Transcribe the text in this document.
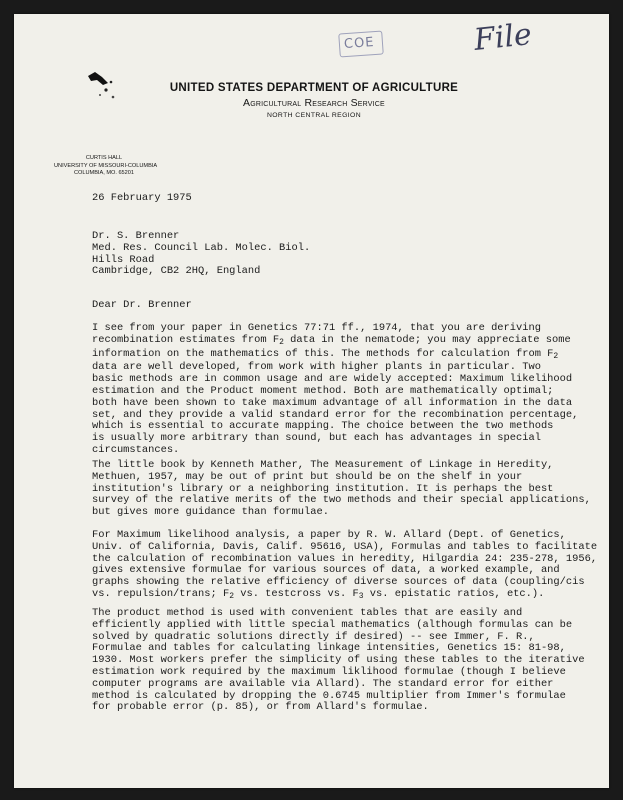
COE	File
UNITED STATES DEPARTMENT OF AGRICULTURE
Agricultural Research Service
NORTH CENTRAL REGION
CURTIS HALL
UNIVERSITY OF MISSOURI-COLUMBIA
COLUMBIA, MO. 65201
26 February 1975
Dr. S. Brenner
Med. Res. Council Lab. Molec. Biol.
Hills Road
Cambridge, CB2 2HQ, England
Dear Dr. Brenner
I see from your paper in Genetics 77:71 ff., 1974, that you are deriving
recombination estimates from $F_2$ data in the nematode; you may appreciate some
information on the mathematics of this. The methods for calculation from $F_2$
data are well developed, from work with higher plants in particular. Two
basic methods are in common usage and are widely accepted: Maximum likelihood
estimation and the Product moment method. Both are mathematically optimal;
both have been shown to take maximum advantage of all information in the data
set, and they provide a valid standard error for the recombination percentage,
which is essential to accurate mapping. The choice between the two methods
is usually more arbitrary than sound, but each has advantages in special
circumstances.
The little book by Kenneth Mather, The Measurement of Linkage in Heredity,
Methuen, 1957, may be out of print but should be on the shelf in your
institution's library or a neighboring institution. It is perhaps the best
survey of the relative merits of the two methods and their special applications,
but gives more guidance than formulae.
For Maximum likelihood analysis, a paper by R. W. Allard (Dept. of Genetics,
Univ. of California, Davis, Calif. 95616, USA), Formulas and tables to facilitate
the calculation of recombination values in heredity, Hilgardia 24: 235-278, 1956,
gives extensive formulae for various sources of data, a worked example, and
graphs showing the relative efficiency of diverse sources of data (coupling/cis
vs. repulsion/trans; $F_2$ vs. testcross vs. $F_3$ vs. epistatic ratios, etc.).
The product method is used with convenient tables that are easily and
efficiently applied with little special mathematics (although formulas can be
solved by quadratic solutions directly if desired) -- see Immer, F. R.,
Formulae and tables for calculating linkage intensities, Genetics 15: 81-98,
1930. Most workers prefer the simplicity of using these tables to the iterative
estimation work required by the maximum liklihood formulae (though I believe
computer programs are available via Allard). The standard error for either
method is calculated by dropping the 0.6745 multiplier from Immer's formulae
for probable error (p. 85), or from Allard's formulae.
